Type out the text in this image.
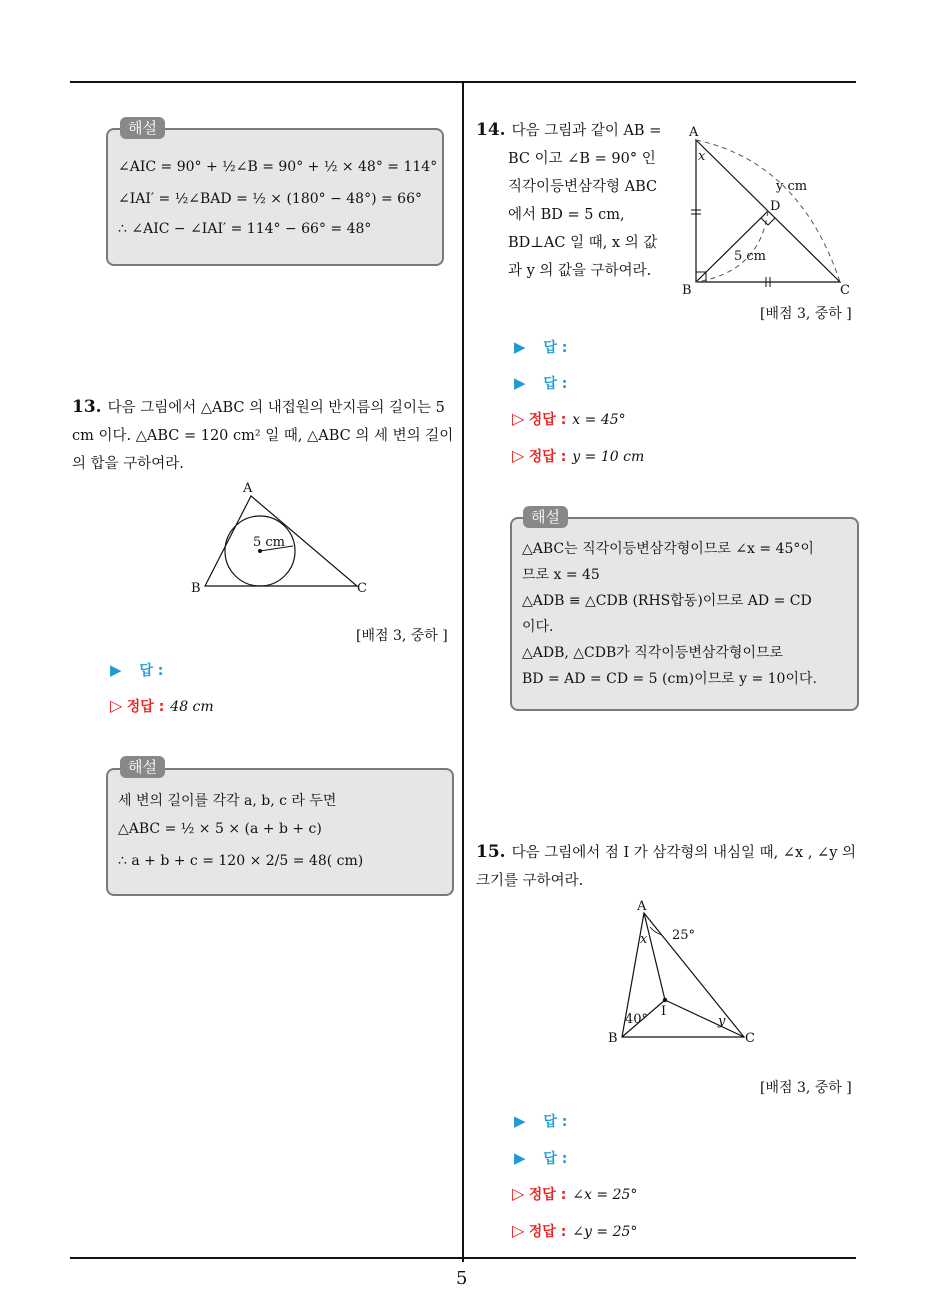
5
해설
∠AIC = 90° + ½∠B = 90° + ½ × 48° = 114°
∠IAI′ = ½∠BAD = ½ × (180° − 48°) = 66°
∴ ∠AIC − ∠IAI′ = 114° − 66° = 48°
13. 다음 그림에서 △ABC 의 내접원의 반지름의 길이는 5 cm 이다. △ABC = 120 cm² 일 때, △ABC 의 세 변의 길이의 합을 구하여라.
A
B	C
5 cm
[배점 3, 중하 ]
▶ 답 :
▷ 정답 : 48 cm
해설
세 변의 길이를 각각 a, b, c 라 두면
△ABC = ½ × 5 × (a + b + c)
∴ a + b + c = 120 × 2/5 = 48( cm)
14. 다음 그림과 같이 AB =
BC 이고 ∠B = 90° 인
직각이등변삼각형 ABC
에서 BD = 5 cm,
BD⊥AC 일 때, x 의 값
과 y 의 값을 구하여라.
A
B	C
D
x
y cm
5 cm
[배점 3, 중하 ]
▶ 답 :
▶ 답 :
▷ 정답 : x = 45°
▷ 정답 : y = 10 cm
해설
△ABC는 직각이등변삼각형이므로 ∠x = 45°이
므로 x = 45
△ADB ≡ △CDB (RHS합동)이므로 AD = CD
이다.
△ADB, △CDB가 직각이등변삼각형이므로
BD = AD = CD = 5 (cm)이므로 y = 10이다.
15. 다음 그림에서 점 I 가 삼각형의 내심일 때, ∠x , ∠y 의 크기를 구하여라.
A
B	C
I
x
y
25°
40°
[배점 3, 중하 ]
▶ 답 :
▶ 답 :
▷ 정답 : ∠x = 25°
▷ 정답 : ∠y = 25°
